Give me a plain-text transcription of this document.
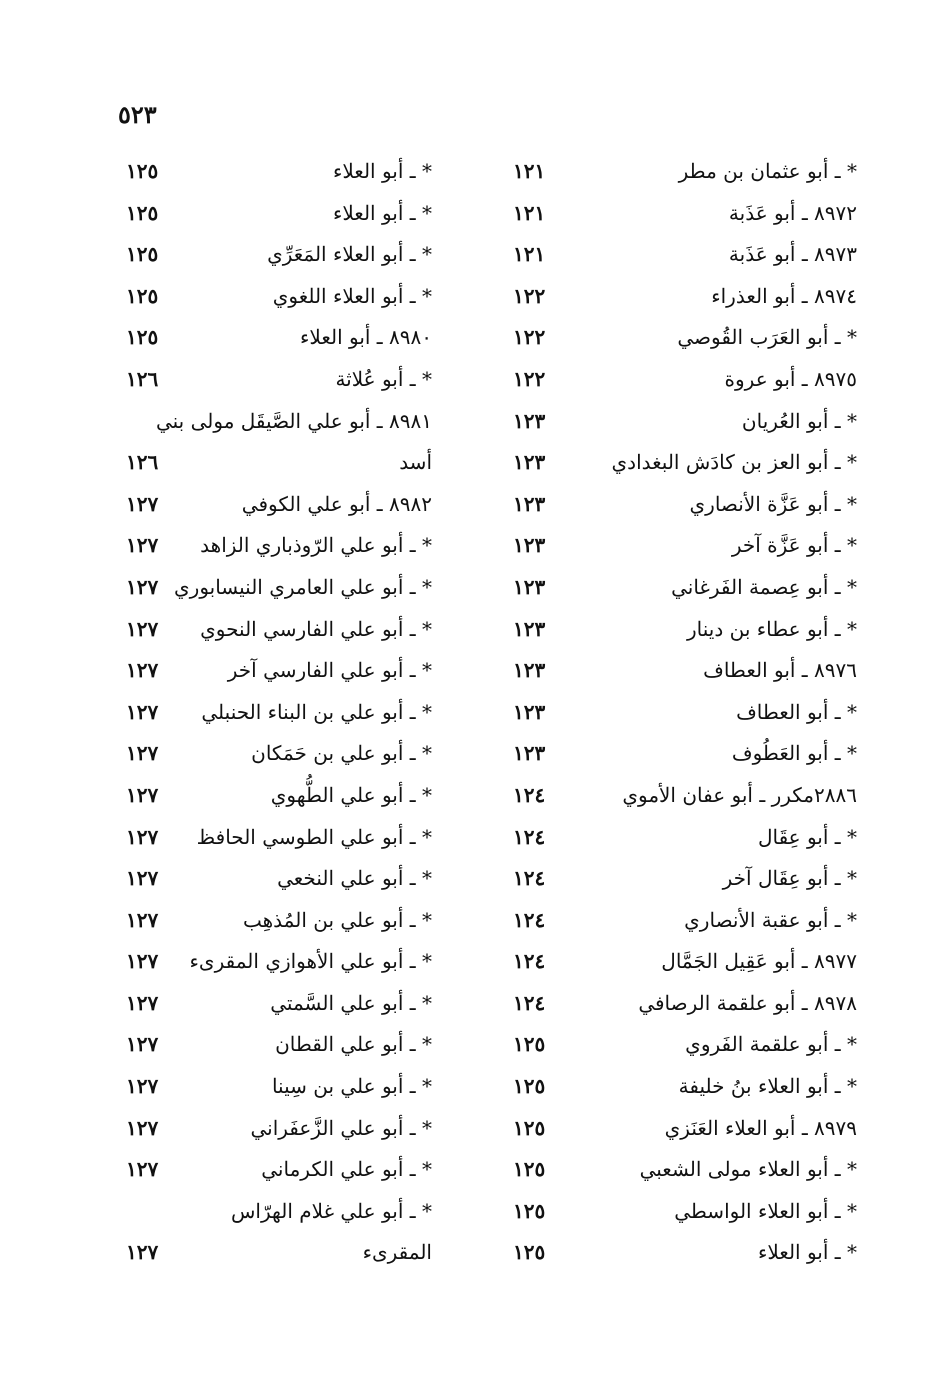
٥٢٣
* ـ أبو عثمان بن مطر
١٢١
٨٩٧٢ ـ أبو عَذَبة
١٢١
٨٩٧٣ ـ أبو عَذَبة
١٢١
٨٩٧٤ ـ أبو العذراء
١٢٢
* ـ أبو العَرَب القُوصي
١٢٢
٨٩٧٥ ـ أبو عروة
١٢٢
* ـ أبو العُريان
١٢٣
* ـ أبو العز بن كادَش البغدادي
١٢٣
* ـ أبو عَزَّة الأنصاري
١٢٣
* ـ أبو عَزَّة آخر
١٢٣
* ـ أبو عِصمة الفَرغاني
١٢٣
* ـ أبو عطاء بن دينار
١٢٣
٨٩٧٦ ـ أبو العطاف
١٢٣
* ـ أبو العطاف
١٢٣
* ـ أبو العَطُوف
١٢٣
٢٨٨٦مكرر ـ أبو عفان الأموي
١٢٤
* ـ أبو عِقَال
١٢٤
* ـ أبو عِقَال آخر
١٢٤
* ـ أبو عقبة الأنصاري
١٢٤
٨٩٧٧ ـ أبو عَقِيل الجَمَّال
١٢٤
٨٩٧٨ ـ أبو علقمة الرصافي
١٢٤
* ـ أبو علقمة الفَروي
١٢٥
* ـ أبو العلاء بنُ خليفة
١٢٥
٨٩٧٩ ـ أبو العلاء العَنَزي
١٢٥
* ـ أبو العلاء مولى الشعبي
١٢٥
* ـ أبو العلاء الواسطي
١٢٥
* ـ أبو العلاء
١٢٥
* ـ أبو العلاء
١٢٥
* ـ أبو العلاء
١٢٥
* ـ أبو العلاء المَعَرِّي
١٢٥
* ـ أبو العلاء اللغوي
١٢٥
٨٩٨٠ ـ أبو العلاء
١٢٥
* ـ أبو عُلاثة
١٢٦
٨٩٨١ ـ أبو علي الصَّيقَل مولى بني
أسد
١٢٦
٨٩٨٢ ـ أبو علي الكوفي
١٢٧
* ـ أبو علي الرّوذباري الزاهد
١٢٧
* ـ أبو علي العامري النيسابوري
١٢٧
* ـ أبو علي الفارسي النحوي
١٢٧
* ـ أبو علي الفارسي آخر
١٢٧
* ـ أبو علي بن البناء الحنبلي
١٢٧
* ـ أبو علي بن حَمَكان
١٢٧
* ـ أبو علي الطُّهوي
١٢٧
* ـ أبو علي الطوسي الحافظ
١٢٧
* ـ أبو علي النخعي
١٢٧
* ـ أبو علي بن المُذهِب
١٢٧
* ـ أبو علي الأهوازي المقرىء
١٢٧
* ـ أبو علي السَّمتي
١٢٧
* ـ أبو علي القطان
١٢٧
* ـ أبو علي بن سِينا
١٢٧
* ـ أبو علي الزَّعفَراني
١٢٧
* ـ أبو علي الكرماني
١٢٧
* ـ أبو علي غلام الهرّاس
المقرىء
١٢٧
